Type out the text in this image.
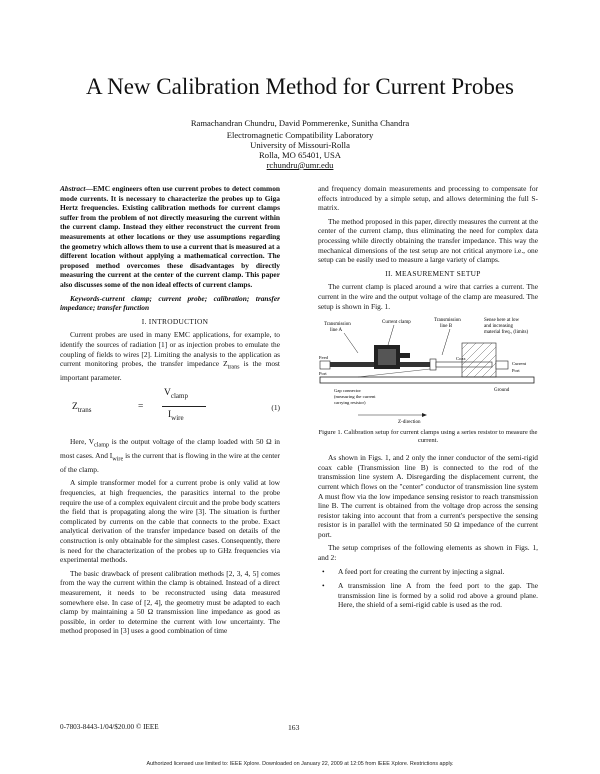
A New Calibration Method for Current Probes
Ramachandran Chundru, David Pommerenke, Sunitha Chandra
Electromagnetic Compatibility Laboratory
University of Missouri-Rolla
Rolla, MO 65401, USA
rchundru@umr.edu

Abstract—EMC engineers often use current probes to detect common mode currents. It is necessary to characterize the probes up to Giga Hertz frequencies. Existing calibration methods for current clamps suffer from the problem of not directly measuring the current within the current clamp. Instead they either reconstruct the current from measurements at other locations or they use assumptions regarding the geometry which allows them to use a current that is measured at a different location without applying a mathematical correction. The proposed method overcomes these disadvantages by directly measuring the current at the center of the current clamp. This paper also discusses some of the non ideal effects of current clamps.

Keywords-current clamp; current probe; calibration; transfer impedance; transfer function

I. INTRODUCTION

Current probes are used in many EMC applications, for example, to identify the sources of radiation [1] or as injection probes to emulate the coupling of fields to wires [2]. Limiting the analysis to the application as current monitoring probes, the transfer impedance $Z_{trans}$ is the most important parameter.

$Z_{trans}$	=
$V_{clamp}$
$I_{wire}$
(1)

Here, $V_{clamp}$ is the output voltage of the clamp loaded with 50 Ω in most cases. And $I_{wire}$ is the current that is flowing in the wire at the center of the clamp.

A simple transformer model for a current probe is only valid at low frequencies, at high frequencies, the parasitics internal to the probe require the use of a complex equivalent circuit and the probe body scatters the field that is propagating along the wire [3]. The situation is further complicated by currents on the cable that connects to the probe. Exact analytical derivation of the transfer impedance based on details of the construction is only obtainable for the simplest cases. Consequently, there is need for the characterization of the probes up to GHz frequencies via experimental methods.

The basic drawback of present calibration methods [2, 3, 4, 5] comes from the way the current within the clamp is obtained. Instead of a direct measurement, it needs to be reconstructed using data measured somewhere else. In case of [2, 4], the geometry must be adapted to each clamp by maintaining a 50 Ω transmission line impedance as good as possible, in order to determine the current with low uncertainty. The method proposed in [3] uses a good combination of time

and frequency domain measurements and processing to compensate for effects introduced by a simple setup, and allows determining the full S-matrix.

The method proposed in this paper, directly measures the current at the center of the current clamp, thus eliminating the need for complex data processing while directly obtaining the transfer impedance. This way the mechanical dimensions of the test setup are not critical anymore i.e., one setup can be easily used to measure a large variety of clamps.

II. MEASUREMENT SETUP

The current clamp is placed around a wire that carries a current. The current in the wire and the output voltage of the clamp are measured. The setup is shown in Fig. 1.

Transmission
line A
Current clamp	Transmission
line B
Sense here at low
and increasing
material freq., (limits)
Ground
Feed
Port
Coax
Current
Port
Gap connector
(measuring the current
carrying resistor)
Z-direction
Figure 1. Calibration setup for current clamps using a series resistor to measure the current.

As shown in Figs. 1, and 2 only the inner conductor of the semi-rigid coax cable (Transmission line B) is connected to the rod of the transmission line system A. Disregarding the displacement current, the current which flows on the "center" conductor of transmission line system A must flow via the low impedance sensing resistor to reach transmission line B. The current is obtained from the voltage drop across the sensing resistor taking into account that from a current's perspective the sensing resistor is in parallel with the terminated 50 Ω impedance of the current port.

The setup comprises of the following elements as shown in Figs. 1, and 2:

•	A feed port for creating the current by injecting a signal.
•	A transmission line A from the feed port to the gap. The transmission line is formed by a solid rod above a ground plane. Here, the shield of a semi-rigid cable is used as the rod.
0-7803-8443-1/04/$20.00 © IEEE	163
Authorized licensed use limited to: IEEE Xplore. Downloaded on January 22, 2009 at 12:05 from IEEE Xplore. Restrictions apply.
